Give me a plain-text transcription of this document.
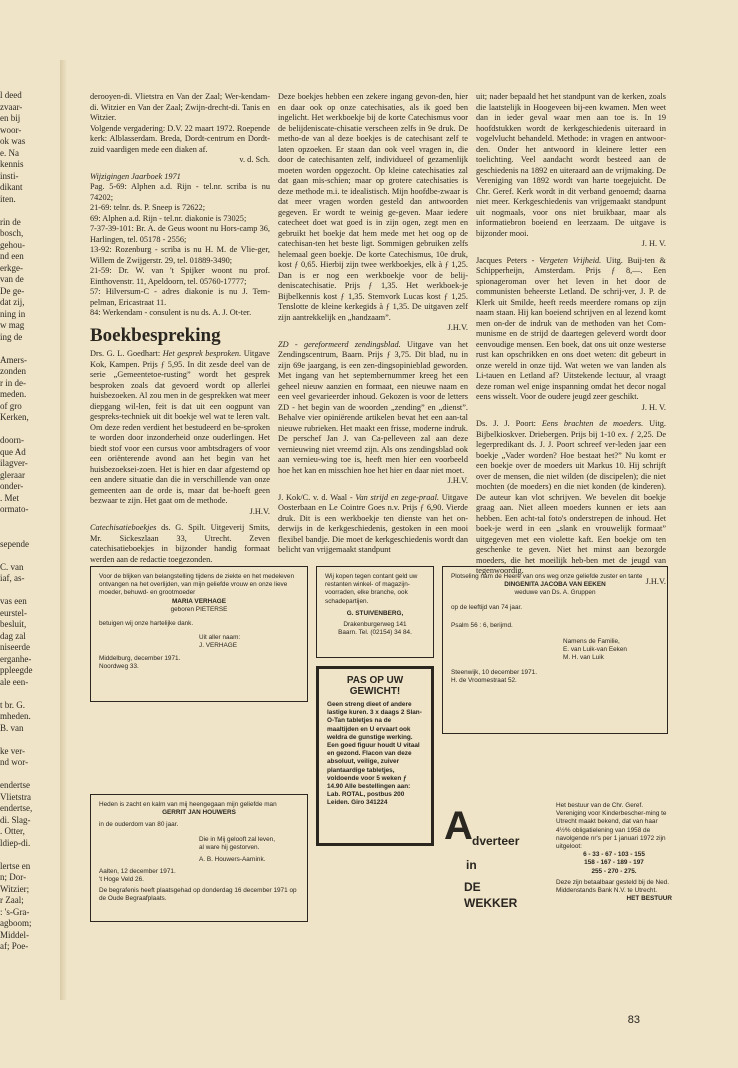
l deed
zvaar-
en bij
woor-
ok was
e. Na
kennis
insti-
dikant
iten.

rin de
bosch,
gehou-
nd een
erkge-
van de
De ge-
dat zij,
ning in
w mag
ing de

Amers-
zonden
r in de-
meden.
of gro
Kerken,

doorn-
que Ad
ilagver-
gleraar
onder-
. Met
ormato-

sepende

C. van
iaf, as-

vas een
eurstel-
besluit,
dag zal
niseerde
erganhe-
ppleegde
ale een-

t br. G.
mheden.
B. van

ke ver-
nd wor-

endertse
Vlietstra
endertse,
di. Slag-
. Otter,
ldiep-di.

lertse en
n; Dor-
Witzier;
r Zaal;
: 's-Gra-
agboom;
Middel-
af; Poe-

derooyen-di. Vlietstra en Van der Zaal; Wer-kendam-di. Witzier en Van der Zaal; Zwijn-drecht-di. Tanis en Witzier.

Volgende vergadering: D.V. 22 maart 1972. Roepende kerk: Alblasserdam. Breda, Dordt-centrum en Dordt-zuid vaardigen mede een diaken af.

v. d. Sch.

Wijzigingen Jaarboek 1971

Pag. 5-69: Alphen a.d. Rijn - tel.nr. scriba is nu 74202;

21-69: telnr. ds. P. Sneep is 72622;

69: Alphen a.d. Rijn - tel.nr. diakonie is 73025;

7-37-39-101: Br. A. de Geus woont nu Hors-camp 36, Harlingen, tel. 05178 - 2556;

13-92: Rozenburg - scriba is nu H. M. de Vlie-ger, Willem de Zwijgerstr. 29, tel. 01889-3490;

21-59: Dr. W. van 't Spijker woont nu prof. Einthovenstr. 11, Apeldoorn, tel. 05760-17777;

57: Hilversum-C - adres diakonie is nu J. Tem-pelman, Ericastraat 11.

84: Werkendam - consulent is nu ds. A. J. Ot-ter.

Boekbespreking

Drs. G. L. Goedhart: Het gesprek besproken. Uitgave Kok, Kampen. Prijs ƒ 5,95. In dit zesde deel van de serie „Gemeentetoe-rusting” wordt het gesprek besproken zoals dat gevoerd wordt op allerlei huisbezoeken. Al zou men in de gesprekken wat meer diepgang wil-len, feit is dat uit een oogpunt van gespreks-techniek uit dit boekje wel wat te leren valt. Om deze reden verdient het bestudeerd en be-sproken te worden door inzonderheid onze ouderlingen. Het biedt stof voor een cursus voor ambtsdragers of voor een oriënterende avond aan het begin van het huisbezoeksei-zoen. Het is hier en daar afgestemd op een andere situatie dan die in verschillende van onze gemeenten aan de orde is, maar dat be-hoeft geen bezwaar te zijn. Het gaat om de methode.

J.H.V.

Catechisatieboekjes ds. G. Spilt. Uitgeverij Smits, Mr. Sickeszlaan 33, Utrecht. Zeven catechisatieboekjes in bijzonder handig formaat werden aan de redactie toegezonden.

Deze boekjes hebben een zekere ingang gevon-den, hier en daar ook op onze catechisaties, als ik goed ben ingelicht. Het werkboekje bij de korte Catechismus voor de belijdeniscate-chisatie verscheen zelfs in 9e druk. De metho-de van al deze boekjes is de catechisant zelf te laten opzoeken. Er staan dan ook veel vragen in, die door de catechisanten zelf, individueel of gezamenlijk moeten worden opgezocht. Op kleine catechisaties zal dat gaan mis-schien; maar op grotere catechisaties is deze methode m.i. te idealistisch. Mijn hoofdbe-zwaar is dat meer vragen worden gesteld dan antwoorden gegeven. Er wordt te weinig ge-geven. Maar iedere catecheet doet wat goed is in zijn ogen, zegt men en gebruikt het boekje dat hem mede met het oog op de catechisan-ten het beste ligt. Sommigen gebruiken zelfs helemaal geen boekje. De korte Catechismus, 10e druk, kost ƒ 0,65. Hierbij zijn twee werkboekjes, elk à ƒ 1,25. Dan is er nog een werkboekje voor de belij-deniscatechisatie. Prijs ƒ 1,35. Het werkboek-je Bijbelkennis kost ƒ 1,35. Stemvork Lucas kost ƒ 1,25. Tenslotte de kleine kerkegids à ƒ 1,35. De uitgaven zelf zijn aantrekkelijk en „handzaam”.

J.H.V.

ZD - gereformeerd zendingsblad. Uitgave van het Zendingscentrum, Baarn. Prijs ƒ 3,75. Dit blad, nu in zijn 69e jaargang, is een zen-dingsopinieblad geworden. Met ingang van het septembernummer kreeg het een geheel nieuw aanzien en formaat, een nieuwe naam en een veel gevarieerder inhoud. Gekozen is voor de letters ZD - het begin van de woorden „zending” en „dienst”. Behalve vier opiniërende artikelen bevat het een aan-tal nieuwe rubrieken. Het maakt een frisse, moderne indruk. De perschef Jan J. van Ca-pelleveen zal aan deze vernieuwing niet vreemd zijn. Als ons zendingsblad ook aan vernieu-wing toe is, heeft men hier een voorbeeld hoe het kan en misschien hoe het hier en daar niet moet.

J.H.V.

J. Kok/C. v. d. Waal - Van strijd en zege-praal. Uitgave Oosterbaan en Le Cointre Goes n.v. Prijs ƒ 6,90. Vierde druk. Dit is een werkboekje ten dienste van het on-derwijs in de kerkgeschiedenis, gestoken in een mooi flexibel bandje. Die moet de kerkgeschiedenis wordt dan belicht van vrijgemaakt standpunt

uit; nader bepaald het het standpunt van de kerken, zoals die laatstelijk in Hoogeveen bij-een kwamen. Men weet dan in ieder geval waar men aan toe is. In 19 hoofdstukken wordt de kerkgeschiedenis uiteraard in vogelvlucht behandeld. Methode: in vragen en antwoor-den. Onder het antwoord in kleinere letter een toelichting. Veel aandacht wordt besteed aan de geschiedenis na 1892 en uiteraard aan de vrijmaking. De Vereniging van 1892 wordt van harte toegejuicht. De Chr. Geref. Kerk wordt in dit verband genoemd; daarna niet meer. Kerkgeschiedenis van vrijgemaakt standpunt uit nogmaals, voor ons niet bruikbaar, maar als informatiebron boeiend en leerzaam. De uitgave is bijzonder mooi.

J. H. V.

Jacques Peters - Vergeten Vrijheid. Uitg. Buij-ten & Schipperheijn, Amsterdam. Prijs ƒ 8,—. Een spionageroman over het leven in het door de communisten beheerste Letland. De schrij-ver, J. P. de Klerk uit Smilde, heeft reeds meerdere romans op zijn naam staan. Hij kan boeiend schrijven en al lezend komt men on-der de indruk van de methoden van het Com-munisme en de strijd de daartegen geleverd wordt door eenvoudige mensen. Een boek, dat ons uit onze westerse rust kan opschrikken en ons doet weten: dit gebeurt in onze wereld in onze tijd. Wat weten we van landen als Li-tauen en Letland af? Uitstekende lectuur, al vraagt deze roman wel enige inspanning omdat het decor nogal eens wisselt. Voor de oudere jeugd zeer geschikt.

J. H. V.

Ds. J. J. Poort: Eens brachten de moeders. Uitg. Bijbelkioskver. Driebergen. Prijs bij 1-10 ex. ƒ 2,25. De legerpredikant ds. J. J. Poort schreef ver-leden jaar een boekje „Vader worden? Hoe bestaat het?” Nu komt er een boekje over de moeders uit Markus 10. Hij schrijft over de mensen, die niet wilden (de discipelen); die niet mochten (de moeders) en die niet konden (de kinderen). De auteur kan vlot schrijven. We bevelen dit boekje graag aan. Niet alleen moeders kunnen er iets aan hebben. Een acht-tal foto's onderstrepen de inhoud. Het boek-je werd in een „slank en vrouwelijk formaat” uitgegeven met een violette kaft. Een boekje om ten geschenke te geven. Niet het minst aan bezorgde moeders, die het moeilijk heb-ben met de jeugd van tegenwoordig.

J.H.V.

Voor de blijken van belangstelling tijdens de ziekte en het medeleven ontvangen na het overlijden, van mijn geliefde vrouw en onze lieve moeder, behuwd- en grootmoeder
MARIA VERHAGE
geboren PIETERSE
betuigen wij onze hartelijke dank.
Uit aller naam:
J. VERHAGE
Middelburg, december 1971.
Noordweg 33.
Heden is zacht en kalm van mij heengegaan mijn geliefde man
GERRIT JAN HOUWERS
in de ouderdom van 80 jaar.
Die in Mij gelooft zal leven,
al ware hij gestorven.
A. B. Houwers-Aarnink.
Aalten, 12 december 1971.
't Hoge Veld 26.
De begrafenis heeft plaatsgehad op donderdag 16 december 1971 op de Oude Begraafplaats.
Wij kopen tegen contant geld uw restanten winkel- of magazijn-voorraden, elke branche, ook schadepartijen.
G. STUIVENBERG,
Drakenburgerweg 141
Baarn. Tel. (02154) 34 84.
PAS OP UW
GEWICHT!
Geen streng dieet of andere lastige kuren. 3 x daags 2 Slan-O-Tan tabletjes na de maaltijden en U ervaart ook weldra de gunstige werking. Een goed figuur houdt U vitaal en gezond. Flacon van deze absoluut, veilige, zuiver plantaardige tabletjes, voldoende voor 5 weken ƒ 14.90 Alle bestellingen aan: Lab. ROTAL, postbus 200 Leiden. Giro 341224
Plotseling nam de Heere van ons weg onze geliefde zuster en tante
DINGENITA JACOBA VAN EEKEN
weduwe van Ds. A. Gruppen
op de leeftijd van 74 jaar.
Psalm 56 : 6, berijmd.
Namens de Familie,
E. van Luik-van Eeken
M. H. van Luik
Steenwijk, 10 december 1971.
H. de Vroomestraat 52.
A dverteer
in
DE
WEKKER
Het bestuur van de Chr. Geref. Vereniging voor Kinderbescher-ming te Utrecht maakt bekend, dat van haar 4½% obligatielening van 1958 de navolgende nr's per 1 januari 1972 zijn uitgeloot:
6 - 33 - 67 - 103 - 155
158 - 167 - 189 - 197
255 - 270 - 275.
Deze zijn betaalbaar gesteld bij de Ned. Middenstands Bank N.V. te Utrecht.
HET BESTUUR
83
